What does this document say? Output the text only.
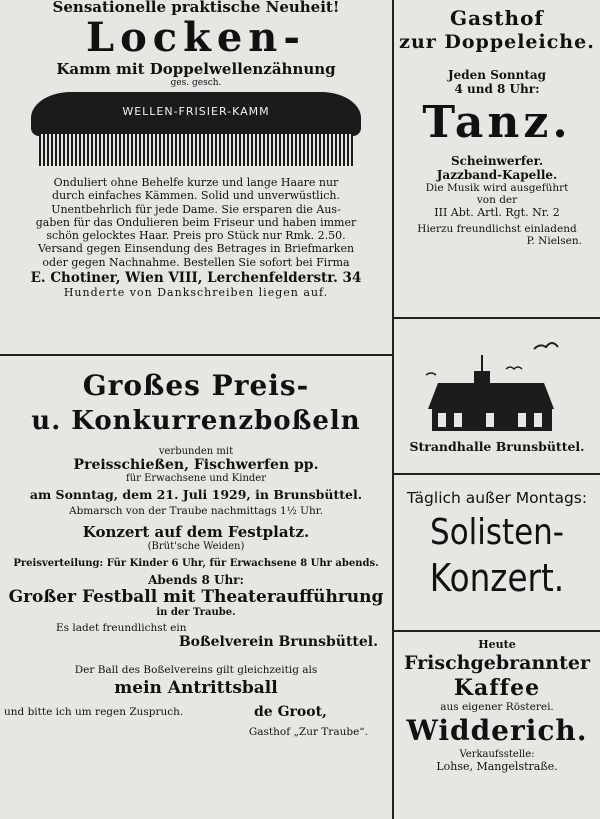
Sensationelle praktische Neuheit!
Locken-
Kamm mit Doppelwellenzähnung
ges. gesch.
WELLEN-FRISIER-KAMM
Onduliert ohne Behelfe kurze und lange Haare nur
durch einfaches Kämmen. Solid und unverwüstlich.
Unentbehrlich für jede Dame. Sie ersparen die Aus-
gaben für das Ondulieren beim Friseur und haben immer
schön gelocktes Haar. Preis pro Stück nur Rmk. 2.50.
Versand gegen Einsendung des Betrages in Briefmarken
oder gegen Nachnahme. Bestellen Sie sofort bei Firma
E. Chotiner, Wien VIII, Lerchenfelderstr. 34
Hunderte von Dankschreiben liegen auf.
Großes Preis-
u. Konkurrenzboßeln
verbunden mit
Preisschießen, Fischwerfen pp.
für Erwachsene und Kinder
am Sonntag, dem 21. Juli 1929, in Brunsbüttel.
Abmarsch von der Traube nachmittags 1½ Uhr.
Konzert auf dem Festplatz.
(Brüt'sche Weiden)
Preisverteilung: Für Kinder 6 Uhr, für Erwachsene 8 Uhr abends.
Abends 8 Uhr:
Großer Festball mit Theateraufführung
in der Traube.
Es ladet freundlichst ein
Boßelverein Brunsbüttel.
Der Ball des Boßelvereins gilt gleichzeitig als
mein Antrittsball
und bitte ich um regen Zuspruch.	de Groot,
Gasthof „Zur Traube“.
Gasthof
zur Doppeleiche.
Jeden Sonntag
4 und 8 Uhr:
Tanz.
Scheinwerfer.
Jazzband-Kapelle.
Die Musik wird ausgeführt
von der
III Abt. Artl. Rgt. Nr. 2
Hierzu freundlichst einladend
P. Nielsen.
Strandhalle Brunsbüttel.
Täglich außer Montags:
Solisten-
Konzert.
Heute
Frischgebrannter
Kaffee
aus eigener Rösterei.
Widderich.
Verkaufsstelle:
Lohse, Mangelstraße.
